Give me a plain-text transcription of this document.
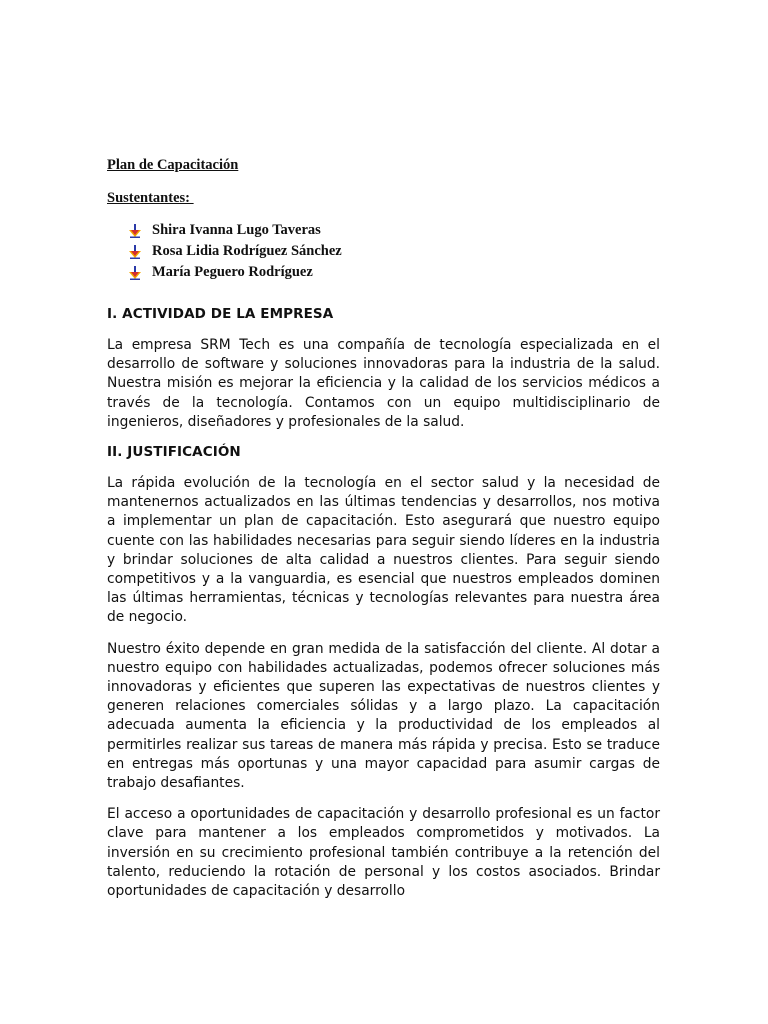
Plan de Capacitación

Sustentantes:

Shira Ivanna Lugo Taveras
Rosa Lidia Rodríguez Sánchez
María Peguero Rodríguez
I. ACTIVIDAD DE LA EMPRESA

La empresa SRM Tech es una compañía de tecnología especializada en el desarrollo de software y soluciones innovadoras para la industria de la salud. Nuestra misión es mejorar la eficiencia y la calidad de los servicios médicos a través de la tecnología. Contamos con un equipo multidisciplinario de ingenieros, diseñadores y profesionales de la salud.

II. JUSTIFICACIÓN

La rápida evolución de la tecnología en el sector salud y la necesidad de mantenernos actualizados en las últimas tendencias y desarrollos, nos motiva a implementar un plan de capacitación. Esto asegurará que nuestro equipo cuente con las habilidades necesarias para seguir siendo líderes en la industria y brindar soluciones de alta calidad a nuestros clientes. Para seguir siendo competitivos y a la vanguardia, es esencial que nuestros empleados dominen las últimas herramientas, técnicas y tecnologías relevantes para nuestra área de negocio.

Nuestro éxito depende en gran medida de la satisfacción del cliente. Al dotar a nuestro equipo con habilidades actualizadas, podemos ofrecer soluciones más innovadoras y eficientes que superen las expectativas de nuestros clientes y generen relaciones comerciales sólidas y a largo plazo. La capacitación adecuada aumenta la eficiencia y la productividad de los empleados al permitirles realizar sus tareas de manera más rápida y precisa. Esto se traduce en entregas más oportunas y una mayor capacidad para asumir cargas de trabajo desafiantes.

El acceso a oportunidades de capacitación y desarrollo profesional es un factor clave para mantener a los empleados comprometidos y motivados. La inversión en su crecimiento profesional también contribuye a la retención del talento, reduciendo la rotación de personal y los costos asociados. Brindar oportunidades de capacitación y desarrollo
